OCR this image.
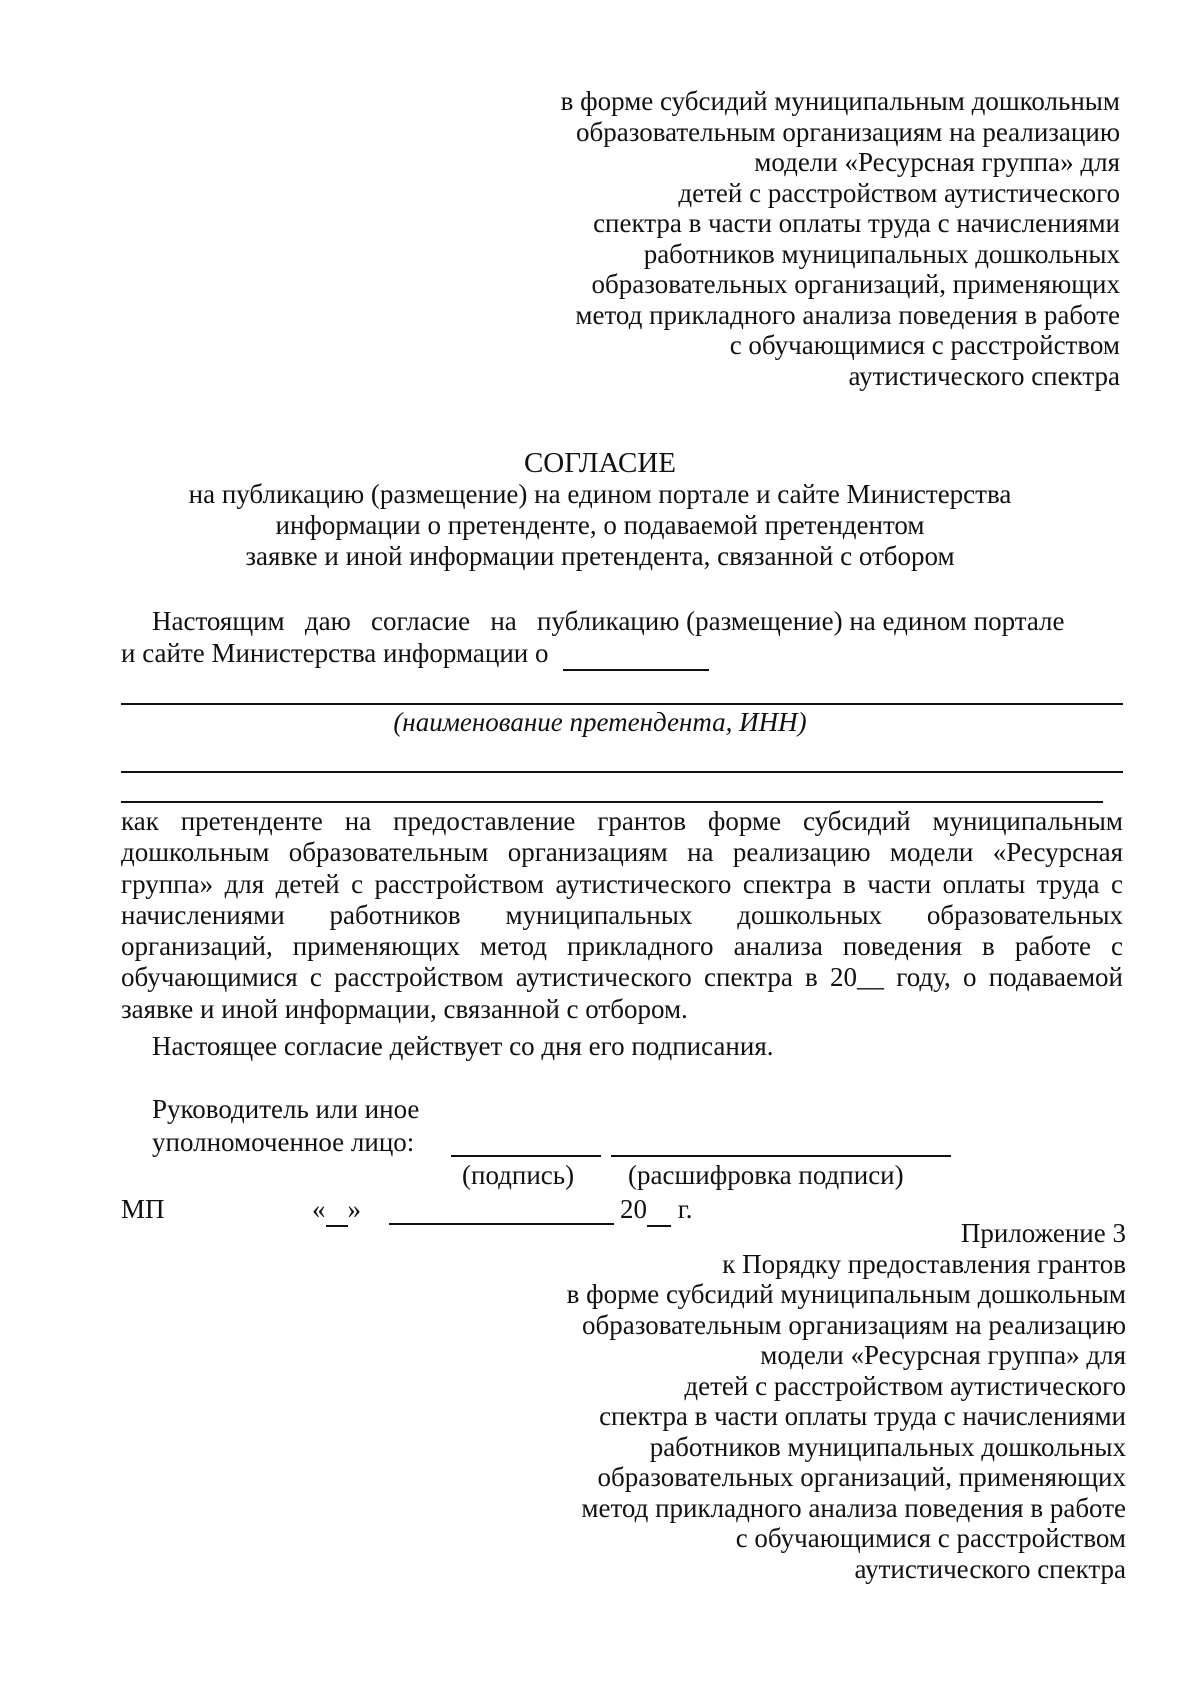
в форме субсидий муниципальным дошкольным
образовательным организациям на реализацию
модели «Ресурсная группа» для
детей с расстройством аутистического
спектра в части оплаты труда с начислениями
работников муниципальных дошкольных
образовательных организаций, применяющих
метод прикладного анализа поведения в работе
с обучающимися с расстройством
аутистического спектра
СОГЛАСИЕ
на публикацию (размещение) на едином портале и сайте Министерства
информации о претенденте, о подаваемой претендентом
заявке и иной информации претендента, связанной с отбором
Настоящим   даю   согласие   на   публикацию (размещение) на едином портале
и сайте Министерства информации о
(наименование претендента, ИНН)
как претенденте на предоставление грантов форме субсидий муниципальным
дошкольным образовательным организациям на реализацию модели «Ресурсная
группа» для детей с расстройством аутистического спектра в части оплаты труда с
начислениями работников муниципальных дошкольных образовательных
организаций, применяющих метод прикладного анализа поведения в работе с
обучающимися с расстройством аутистического спектра в 20__ году, о подаваемой
заявке и иной информации, связанной с отбором.
Настоящее согласие действует со дня его подписания.
Руководитель или иное
уполномоченное лицо:
(подпись) (расшифровка подписи)
МП	« »	20 г.
Приложение 3
к Порядку предоставления грантов
в форме субсидий муниципальным дошкольным
образовательным организациям на реализацию
модели «Ресурсная группа» для
детей с расстройством аутистического
спектра в части оплаты труда с начислениями
работников муниципальных дошкольных
образовательных организаций, применяющих
метод прикладного анализа поведения в работе
с обучающимися с расстройством
аутистического спектра
